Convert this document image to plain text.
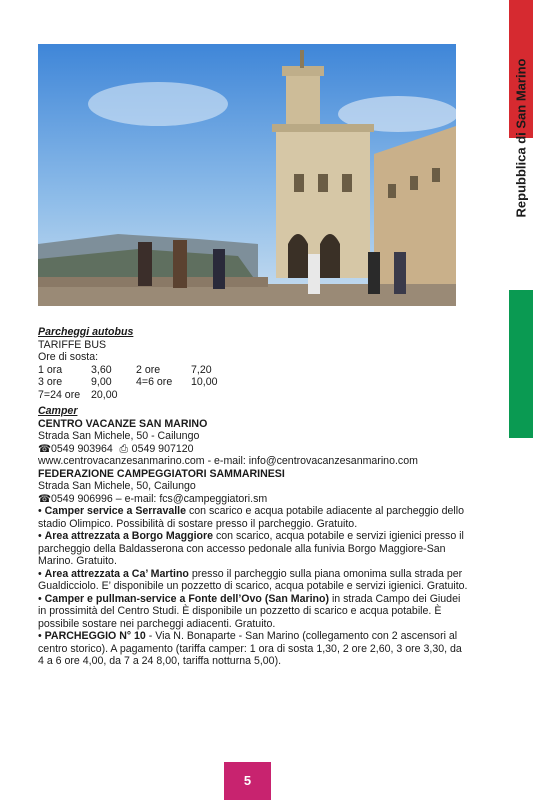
Repubblica di San Marino

Parcheggi autobus

TARIFFE BUS

Ore di sosta:

1 ora	3,60	2 ore	7,20
3 ore	9,00	4=6 ore	10,00
7=24 ore	20,00

Camper

CENTRO VACANZE SAN MARINO

Strada San Michele, 50 - Cailungo

☎ 0549 903964 ⎙ 0549 907120

www.centrovacanzesanmarino.com - e-mail: info@centrovacanzesanmarino.com

FEDERAZIONE CAMPEGGIATORI SAMMARINESI

Strada San Michele, 50, Cailungo

☎ 0549 906996 – e-mail: fcs@campeggiatori.sm

• Camper service a Serravalle con scarico e acqua potabile adiacente al parcheggio dello stadio Olimpico. Possibilità di sostare presso il parcheggio. Gratuito.

• Area attrezzata a Borgo Maggiore con scarico, acqua potabile e servizi igienici presso il parcheggio della Baldasserona con accesso pedonale alla funivia Borgo Maggiore-San Marino. Gratuito.

• Area attrezzata a Ca’ Martino presso il parcheggio sulla piana omonima sulla strada per Gualdicciolo. E’ disponibile un pozzetto di scarico, acqua potabile e servizi igienici. Gratuito.

• Camper e pullman-service a Fonte dell’Ovo (San Marino) in strada Campo dei Giudei in prossimità del Centro Studi. È disponibile un pozzetto di scarico e acqua potabile. È possibile sostare nei parcheggi adiacenti. Gratuito.

• PARCHEGGIO N° 10 - Via N. Bonaparte - San Marino (collegamento con 2 ascensori al centro storico). A pagamento (tariffa camper: 1 ora di sosta 1,30, 2 ore 2,60, 3 ore 3,30, da 4 a 6 ore 4,00, da 7 a 24 8,00, tariffa notturna 5,00).

5
